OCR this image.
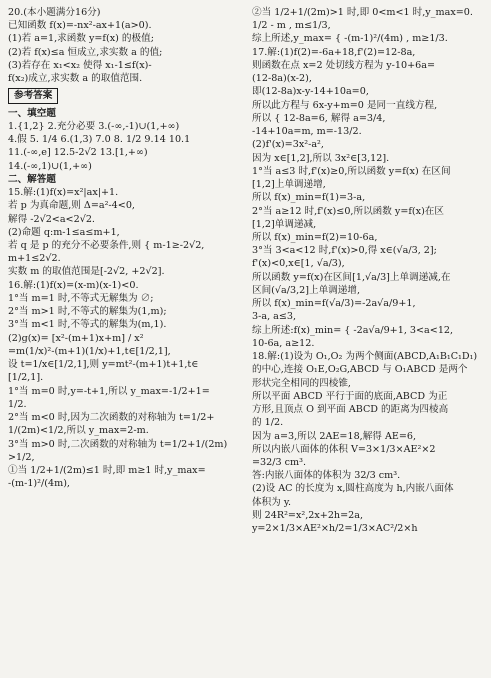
20.(本小题满分16分)
已知函数 f(x)=-nx²-ax+1(a>0).
(1)若 a=1,求函数 y=f(x) 的极值;
(2)若 f(x)≤a 恒成立,求实数 a 的值;
(3)若存在 x₁<x₂ 使得 x₁-1≤f(x)-
f(x₂)成立,求实数 a 的取值范围.
参考答案
一、填空题
1.{1,2} 2.充分必要 3.(-∞,-1)∪(1,+∞)
4.假 5. 1/4 6.(1,3) 7.0 8. 1/2 9.14 10.1
11.(-∞,e] 12.5-2√2 13.[1,+∞)
14.(-∞,1)∪(1,+∞)
二、解答题
15.解:(1)f(x)=x²|ax|+1.
若 p 为真命题,则 Δ=a²-4<0,
解得 -2√2<a<2√2.
(2)命题 q:m-1≤a≤m+1,
若 q 是 p 的充分不必要条件,则 { m-1≥-2√2,
m+1≤2√2.
实数 m 的取值范围是[-2√2, +2√2].
16.解:(1)f(x)=(x-m)(x-1)<0.
1°当 m=1 时,不等式无解集为 ∅;
2°当 m>1 时,不等式的解集为(1,m);
3°当 m<1 时,不等式的解集为(m,1).
(2)g(x)= [x²-(m+1)x+m] / x²
=m(1/x)²-(m+1)(1/x)+1,t∈[1/2,1],
设 t=1/x∈[1/2,1],则 y=mt²-(m+1)t+1,t∈
[1/2,1].
1°当 m=0 时,y=-t+1,所以 y_max=-1/2+1=
1/2.
2°当 m<0 时,因为二次函数的对称轴为 t=1/2+
1/(2m)<1/2,所以 y_max=2-m.
3°当 m>0 时,二次函数的对称轴为 t=1/2+1/(2m)
>1/2,
①当 1/2+1/(2m)≤1 时,即 m≥1 时,y_max=
-(m-1)²/(4m),
②当 1/2+1/(2m)>1 时,即 0<m<1 时,y_max=0.
1/2 - m , m≤1/3,
综上所述,y_max= { -(m-1)²/(4m) , m≥1/3.
17.解:(1)f(2)=-6a+18,f'(2)=12-8a,
则函数在点 x=2 处切线方程为 y-10+6a=
(12-8a)(x-2),
即(12-8a)x-y-14+10a=0,
所以此方程与 6x-y+m=0 是同一直线方程,
所以 { 12-8a=6, 解得 a=3/4,
-14+10a=m, m=-13/2.
(2)f'(x)=3x²-a²,
因为 x∈[1,2],所以 3x²∈[3,12].
1°当 a≤3 时,f'(x)≥0,所以函数 y=f(x) 在区间
[1,2]上单调递增,
所以 f(x)_min=f(1)=3-a,
2°当 a≥12 时,f'(x)≤0,所以函数 y=f(x)在区
[1,2]单调递减,
所以 f(x)_min=f(2)=10-6a,
3°当 3<a<12 时,f'(x)>0,得 x∈(√a/3, 2];
f'(x)<0,x∈[1, √a/3),
所以函数 y=f(x)在区间[1,√a/3]上单调递减,在
区间(√a/3,2]上单调递增,
所以 f(x)_min=f(√a/3)=-2a√a/9+1,
3-a, a≤3,
综上所述:f(x)_min= { -2a√a/9+1, 3<a<12,
10-6a, a≥12.
18.解:(1)设为 O₁,O₂ 为两个侧面(ABCD,A₁B₁C₁D₁)
的中心,连接 O₁E,O₂G,ABCD 与 O₁ABCD 是两个
形状完全相同的四棱锥,
所以平面 ABCD 平行于面的底面,ABCD 为正
方形,且顶点 O 到平面 ABCD 的距离为四棱高
的 1/2.
因为 a=3,所以 2AE=18,解得 AE=6,
所以内嵌八面体的体积 V=3×1/3×AE²×2
=32/3 cm³.
答:内嵌八面体的体积为 32/3 cm³.
(2)设 AC 的长度为 x,圆柱高度为 h,内嵌八面体
体积为 y.
则 24R²=x²,2x+2h=2a,
y=2×1/3×AE²×h/2=1/3×AC²/2×h
